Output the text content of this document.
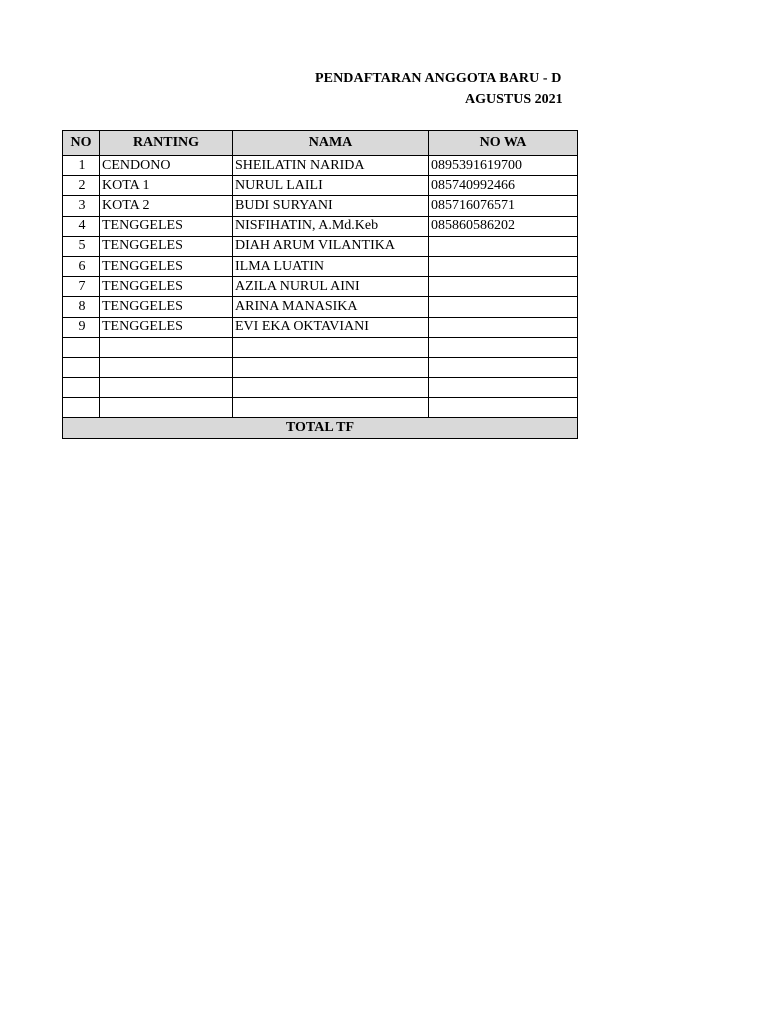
PENDAFTARAN ANGGOTA BARU - D
AGUSTUS 2021
NO	RANTING	NAMA	NO WA
1	CENDONO	SHEILATIN NARIDA	0895391619700
2	KOTA 1	NURUL LAILI	085740992466
3	KOTA 2	BUDI SURYANI	085716076571
4	TENGGELES	NISFIHATIN, A.Md.Keb	085860586202
5	TENGGELES	DIAH ARUM VILANTIKA	
6	TENGGELES	ILMA LUATIN	
7	TENGGELES	AZILA NURUL AINI	
8	TENGGELES	ARINA MANASIKA	
9	TENGGELES	EVI EKA OKTAVIANI	

TOTAL TF			
